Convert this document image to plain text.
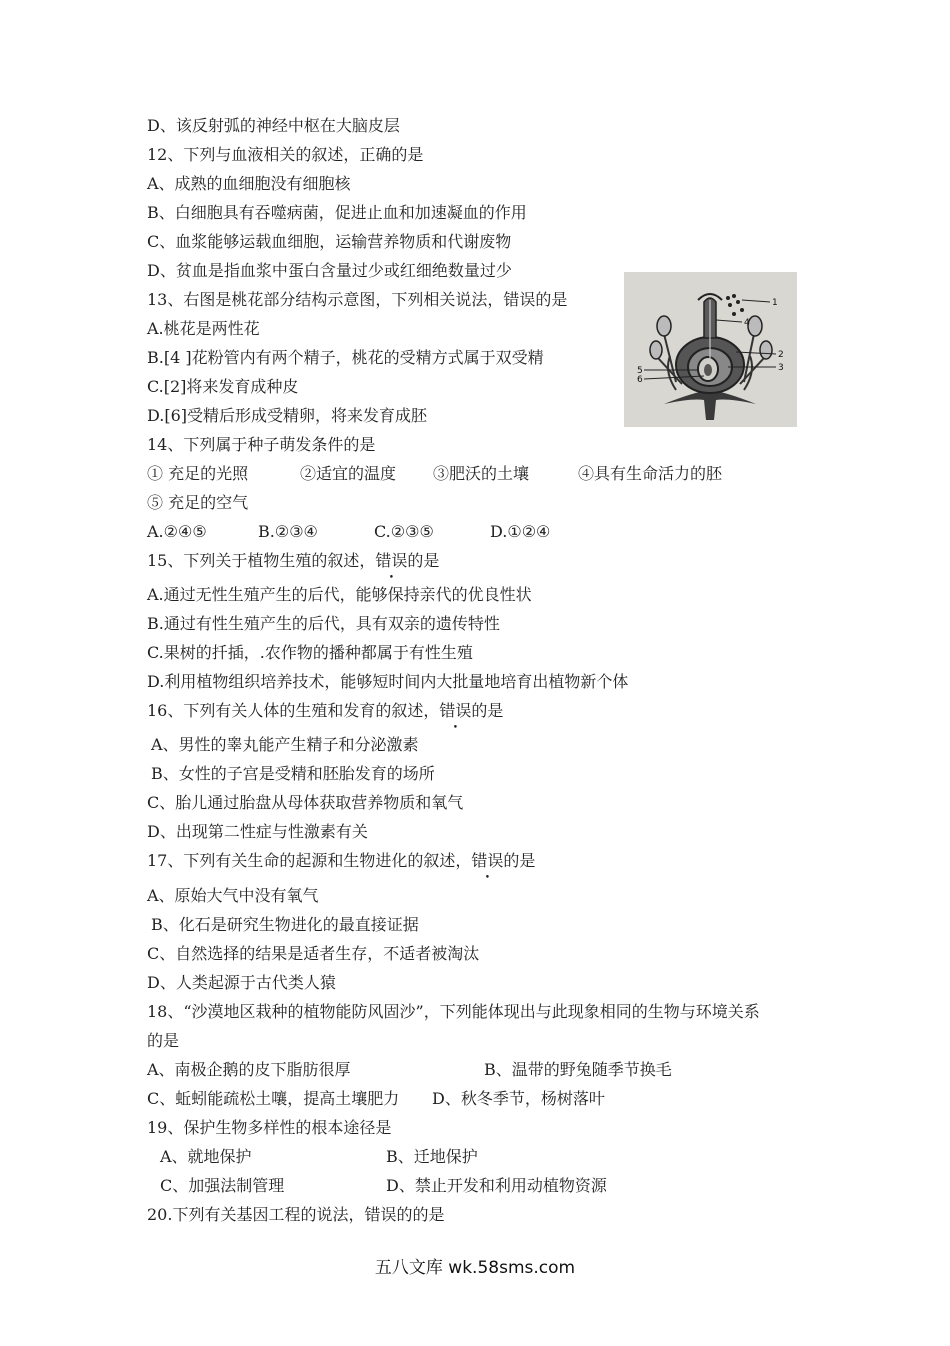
D、该反射弧的神经中枢在大脑皮层
12、下列与血液相关的叙述，正确的是
A、成熟的血细胞没有细胞核
B、白细胞具有吞噬病菌，促进止血和加速凝血的作用
C、血浆能够运载血细胞，运输营养物质和代谢废物
D、贫血是指血浆中蛋白含量过少或红细绝数量过少
13、右图是桃花部分结构示意图，下列相关说法，错误的是
A.桃花是两性花
B.[4 ]花粉管内有两个精子，桃花的受精方式属于双受精
C.[2]将来发育成种皮
D.[6]受精后形成受精卵，将来发育成胚
1
2
3
4
5
6
14、下列属于种子萌发条件的是
① 充足的光照	②适宜的温度 ③肥沃的土壤	④具有生命活力的胚
⑤ 充足的空气
A.②④⑤	B.②③④	C.②③⑤	D.①②④
15、下列关于植物生殖的叙述，错误的是
A.通过无性生殖产生的后代，能够保持亲代的优良性状
B.通过有性生殖产生的后代，具有双亲的遗传特性
C.果树的扦插，.农作物的播种都属于有性生殖
D.利用植物组织培养技术，能够短时间内大批量地培育出植物新个体
16、下列有关人体的生殖和发育的叙述，错误的是
A、男性的睾丸能产生精子和分泌激素
B、女性的子宫是受精和胚胎发育的场所
C、胎儿通过胎盘从母体获取营养物质和氧气
D、出现第二性症与性激素有关
17、下列有关生命的起源和生物进化的叙述，错误的是
A、原始大气中没有氧气
B、化石是研究生物进化的最直接证据
C、自然选择的结果是适者生存，不适者被淘汰
D、人类起源于古代类人猿
18、“沙漠地区栽种的植物能防风固沙”，下列能体现出与此现象相同的生物与环境关系
的是
A、南极企鹅的皮下脂肪很厚	B、温带的野兔随季节换毛
C、蚯蚓能疏松土嚷，提高土壤肥力 D、秋冬季节，杨树落叶
19、保护生物多样性的根本途径是
A、就地保护	B、迁地保护
C、加强法制管理	D、禁止开发和利用动植物资源
20.下列有关基因工程的说法，错误的的是
五八文库 wk.58sms.com
